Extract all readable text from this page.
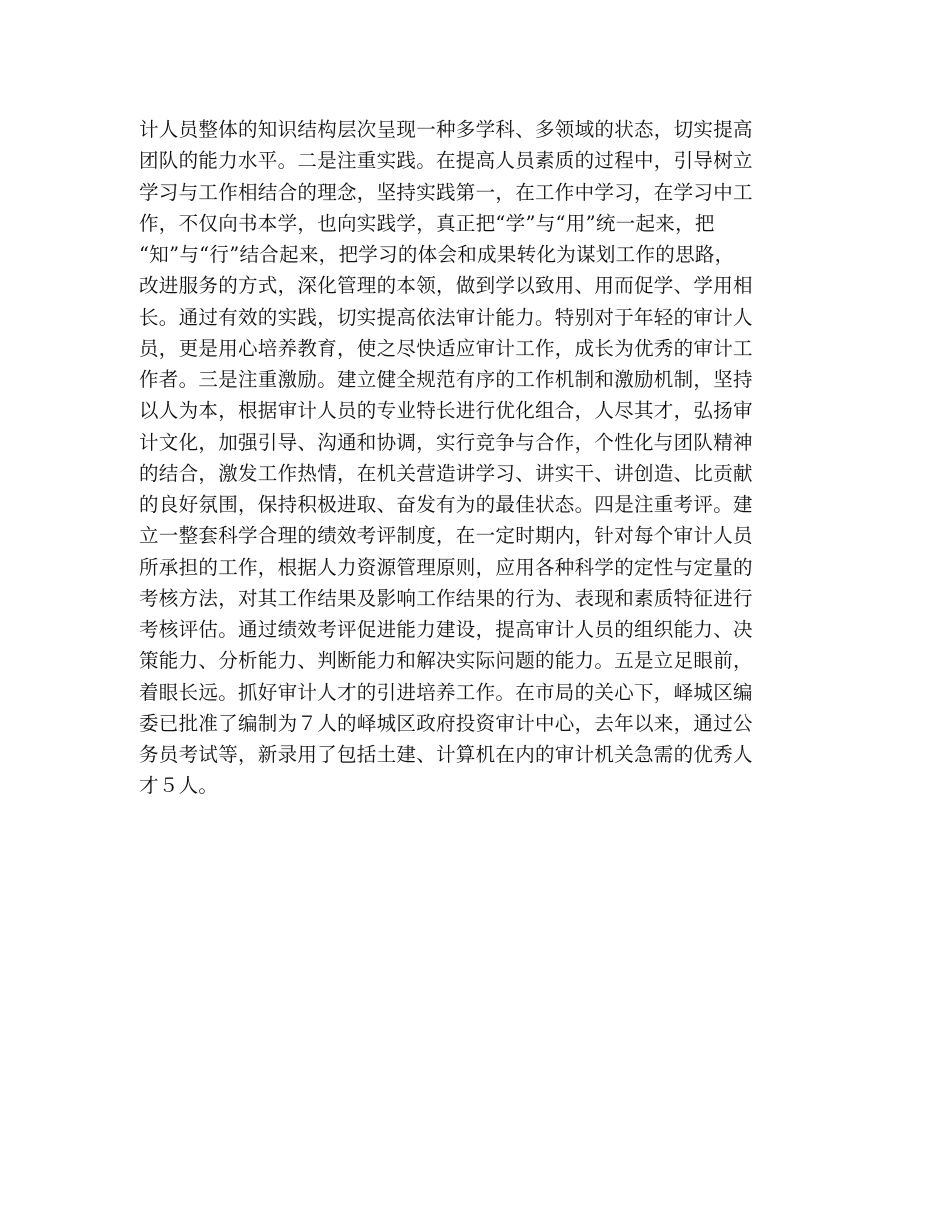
计人员整体的知识结构层次呈现一种多学科、多领域的状态，切实提高
团队的能力水平。二是注重实践。在提高人员素质的过程中，引导树立
学习与工作相结合的理念，坚持实践第一，在工作中学习，在学习中工
作，不仅向书本学，也向实践学，真正把“学”与“用”统一起来，把
“知”与“行”结合起来，把学习的体会和成果转化为谋划工作的思路，
改进服务的方式，深化管理的本领，做到学以致用、用而促学、学用相
长。通过有效的实践，切实提高依法审计能力。特别对于年轻的审计人
员，更是用心培养教育，使之尽快适应审计工作，成长为优秀的审计工
作者。三是注重激励。建立健全规范有序的工作机制和激励机制，坚持
以人为本，根据审计人员的专业特长进行优化组合，人尽其才，弘扬审
计文化，加强引导、沟通和协调，实行竞争与合作，个性化与团队精神
的结合，激发工作热情，在机关营造讲学习、讲实干、讲创造、比贡献
的良好氛围，保持积极进取、奋发有为的最佳状态。四是注重考评。建
立一整套科学合理的绩效考评制度，在一定时期内，针对每个审计人员
所承担的工作，根据人力资源管理原则，应用各种科学的定性与定量的
考核方法，对其工作结果及影响工作结果的行为、表现和素质特征进行
考核评估。通过绩效考评促进能力建设，提高审计人员的组织能力、决
策能力、分析能力、判断能力和解决实际问题的能力。五是立足眼前，
着眼长远。抓好审计人才的引进培养工作。在市局的关心下，峄城区编
委已批准了编制为７人的峄城区政府投资审计中心，去年以来，通过公
务员考试等，新录用了包括土建、计算机在内的审计机关急需的优秀人
才５人。
